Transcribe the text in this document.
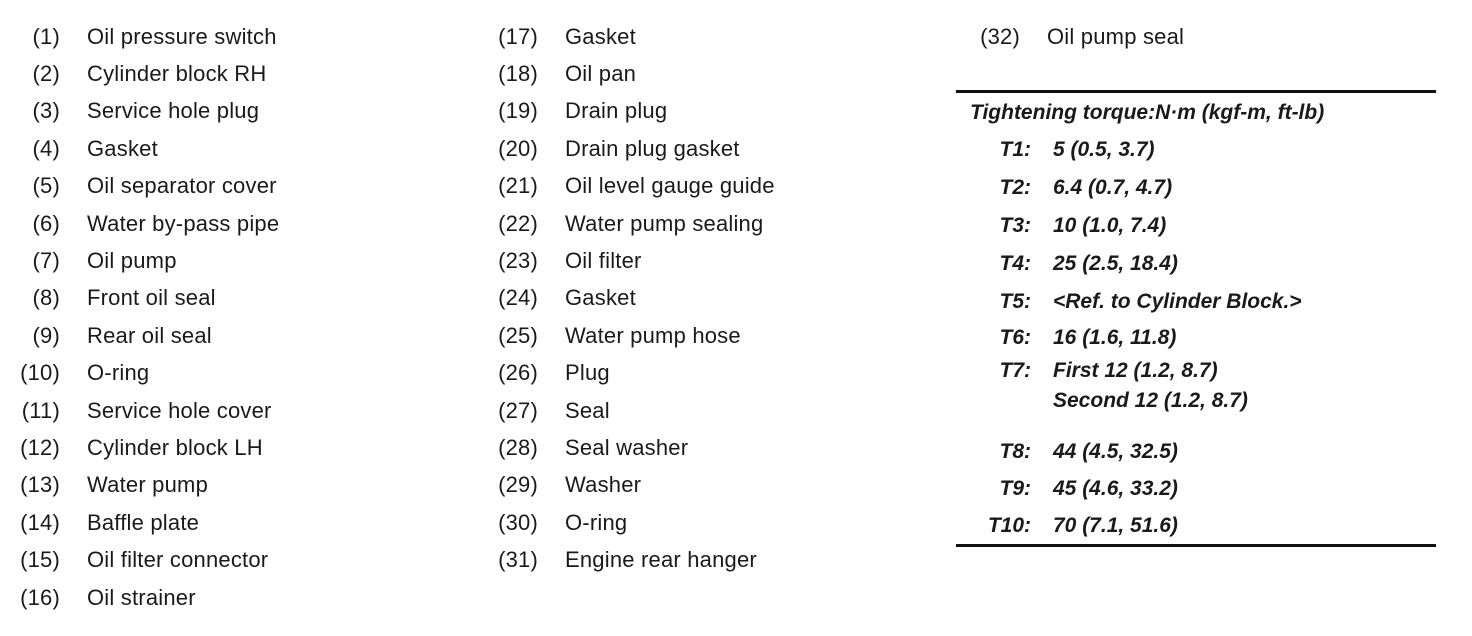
(1) Oil pressure switch
(2) Cylinder block RH
(3) Service hole plug
(4) Gasket
(5) Oil separator cover
(6) Water by-pass pipe
(7) Oil pump
(8) Front oil seal
(9) Rear oil seal
(10) O-ring
(11) Service hole cover
(12) Cylinder block LH
(13) Water pump
(14) Baffle plate
(15) Oil filter connector
(16) Oil strainer
(17) Gasket
(18) Oil pan
(19) Drain plug
(20) Drain plug gasket
(21) Oil level gauge guide
(22) Water pump sealing
(23) Oil filter
(24) Gasket
(25) Water pump hose
(26) Plug
(27) Seal
(28) Seal washer
(29) Washer
(30) O-ring
(31) Engine rear hanger
(32) Oil pump seal
Tightening torque:N·m (kgf-m, ft-lb)
T1: 5 (0.5, 3.7)
T2: 6.4 (0.7, 4.7)
T3: 10 (1.0, 7.4)
T4: 25 (2.5, 18.4)
T5: <Ref. to Cylinder Block.>
T6: 16 (1.6, 11.8)
T7: First 12 (1.2, 8.7)
Second 12 (1.2, 8.7)
T8: 44 (4.5, 32.5)
T9: 45 (4.6, 33.2)
T10: 70 (7.1, 51.6)
